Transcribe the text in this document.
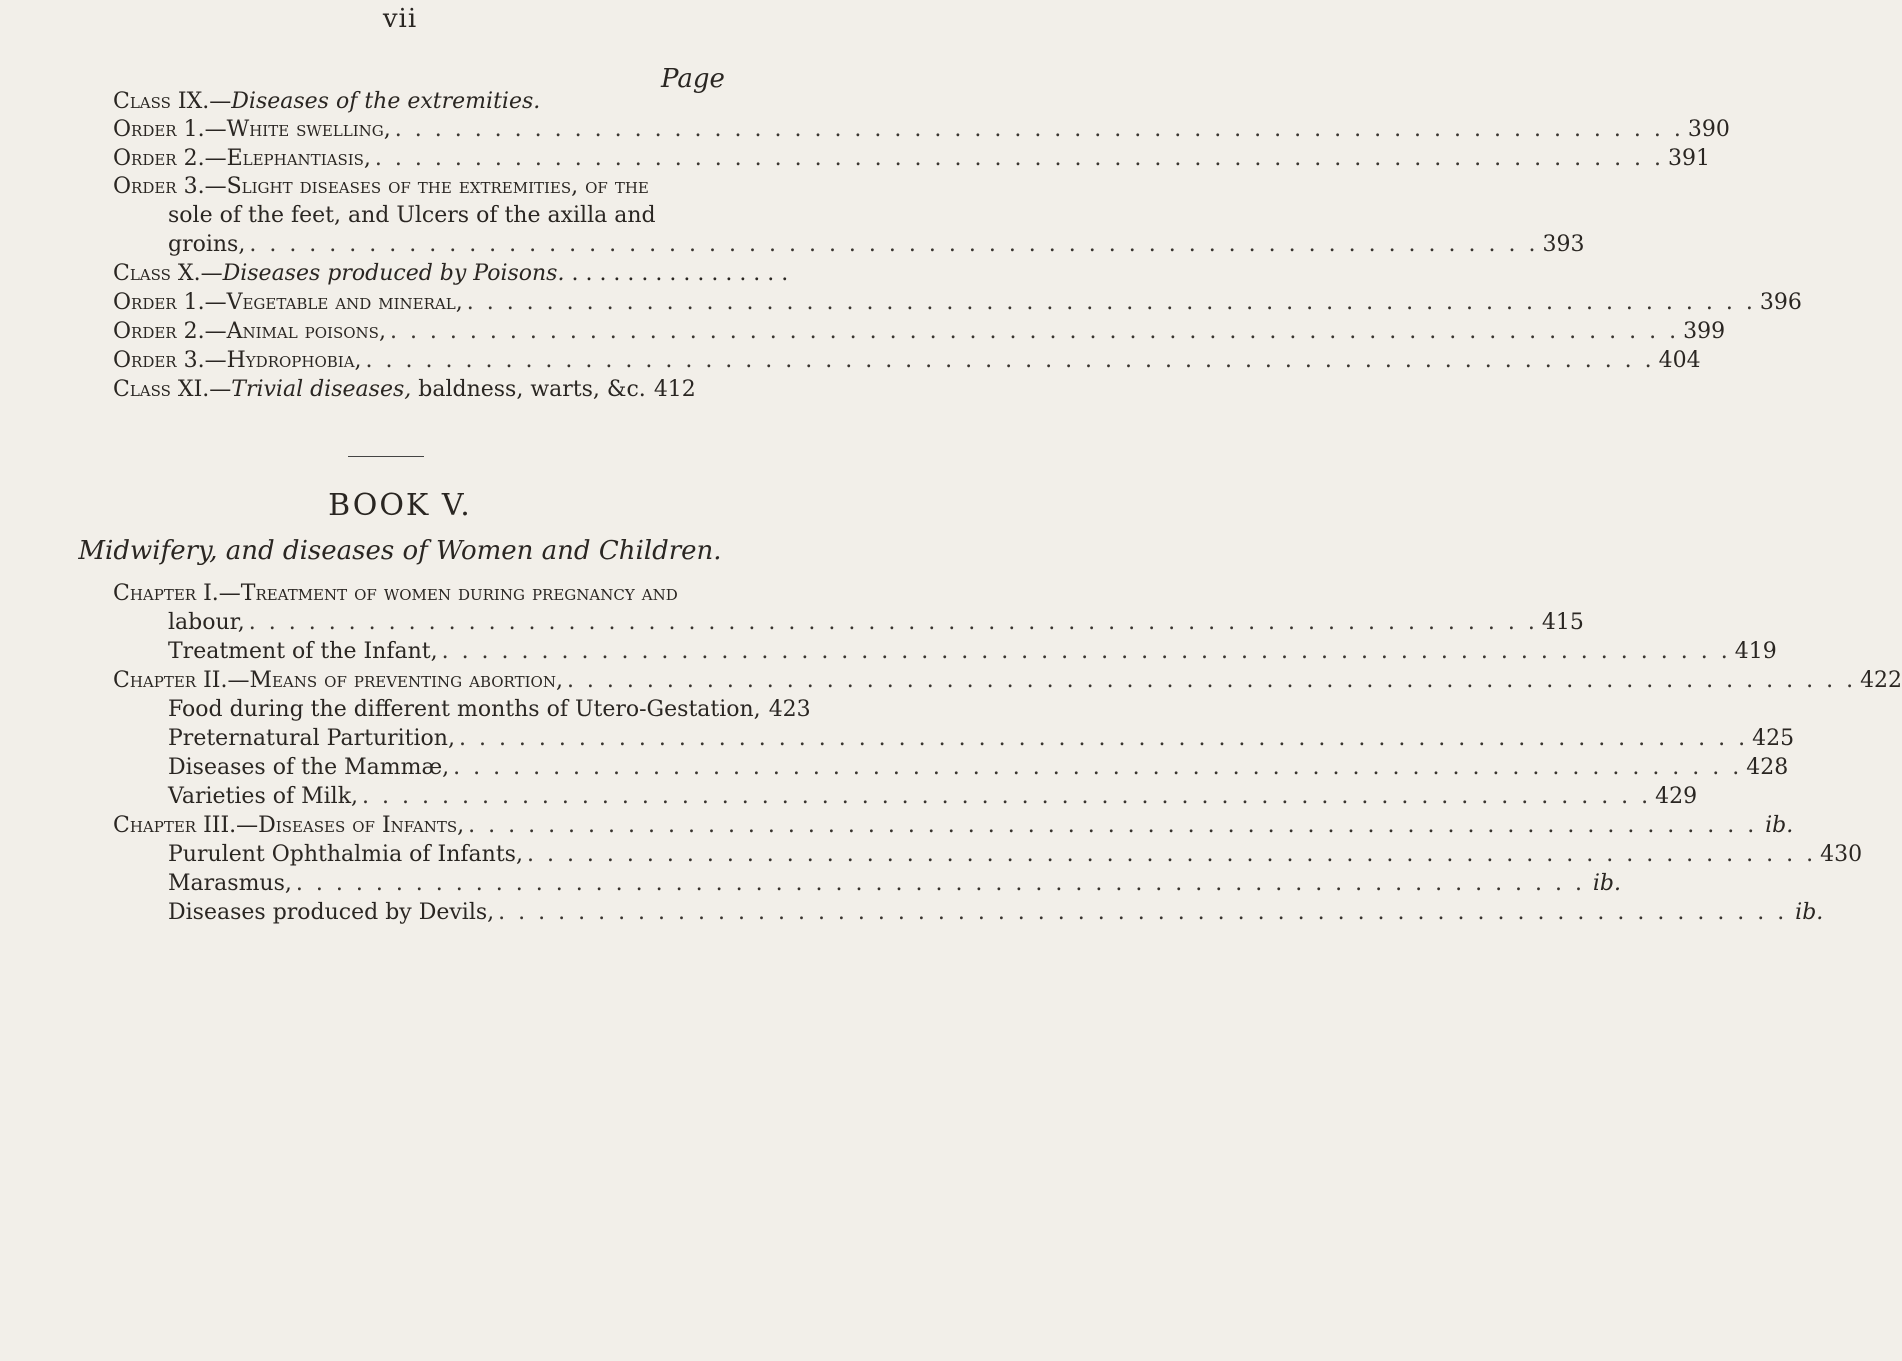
vii
Page
Class IX.—Diseases of the extremities.
Order 1.—White swelling, . . . . . . . . . . . . . . . . . . . . . . . . . . . . . . . . . . . . . . . . . . . . . . . . . . . . . . . . . . . . . . . . . 390
Order 2.—Elephantiasis, . . . . . . . . . . . . . . . . . . . . . . . . . . . . . . . . . . . . . . . . . . . . . . . . . . . . . . . . . . . . . . . . . 391
Order 3.—Slight diseases of the extremities, of the
sole of the feet, and Ulcers of the axilla and
groins, . . . . . . . . . . . . . . . . . . . . . . . . . . . . . . . . . . . . . . . . . . . . . . . . . . . . . . . . . . . . . . . . . 393
Class X.—Diseases produced by Poisons. . . . . . . . . . . . . . . . .
Order 1.—Vegetable and mineral, . . . . . . . . . . . . . . . . . . . . . . . . . . . . . . . . . . . . . . . . . . . . . . . . . . . . . . . . . . . . . . . . . 396
Order 2.—Animal poisons, . . . . . . . . . . . . . . . . . . . . . . . . . . . . . . . . . . . . . . . . . . . . . . . . . . . . . . . . . . . . . . . . . 399
Order 3.—Hydrophobia, . . . . . . . . . . . . . . . . . . . . . . . . . . . . . . . . . . . . . . . . . . . . . . . . . . . . . . . . . . . . . . . . . 404
Class XI.—Trivial diseases, baldness, warts, &c. 412
BOOK V.
Midwifery, and diseases of Women and Children.
Chapter I.—Treatment of women during pregnancy and
labour, . . . . . . . . . . . . . . . . . . . . . . . . . . . . . . . . . . . . . . . . . . . . . . . . . . . . . . . . . . . . . . . . . 415
Treatment of the Infant, . . . . . . . . . . . . . . . . . . . . . . . . . . . . . . . . . . . . . . . . . . . . . . . . . . . . . . . . . . . . . . . . . 419
Chapter II.—Means of preventing abortion, . . . . . . . . . . . . . . . . . . . . . . . . . . . . . . . . . . . . . . . . . . . . . . . . . . . . . . . . . . . . . . . . . 422
Food during the different months of Utero-Gestation, 423
Preternatural Parturition, . . . . . . . . . . . . . . . . . . . . . . . . . . . . . . . . . . . . . . . . . . . . . . . . . . . . . . . . . . . . . . . . . 425
Diseases of the Mammæ, . . . . . . . . . . . . . . . . . . . . . . . . . . . . . . . . . . . . . . . . . . . . . . . . . . . . . . . . . . . . . . . . . 428
Varieties of Milk, . . . . . . . . . . . . . . . . . . . . . . . . . . . . . . . . . . . . . . . . . . . . . . . . . . . . . . . . . . . . . . . . . 429
Chapter III.—Diseases of Infants, . . . . . . . . . . . . . . . . . . . . . . . . . . . . . . . . . . . . . . . . . . . . . . . . . . . . . . . . . . . . . . . . . ib.
Purulent Ophthalmia of Infants, . . . . . . . . . . . . . . . . . . . . . . . . . . . . . . . . . . . . . . . . . . . . . . . . . . . . . . . . . . . . . . . . . 430
Marasmus, . . . . . . . . . . . . . . . . . . . . . . . . . . . . . . . . . . . . . . . . . . . . . . . . . . . . . . . . . . . . . . . . . ib.
Diseases produced by Devils, . . . . . . . . . . . . . . . . . . . . . . . . . . . . . . . . . . . . . . . . . . . . . . . . . . . . . . . . . . . . . . . . . ib.
